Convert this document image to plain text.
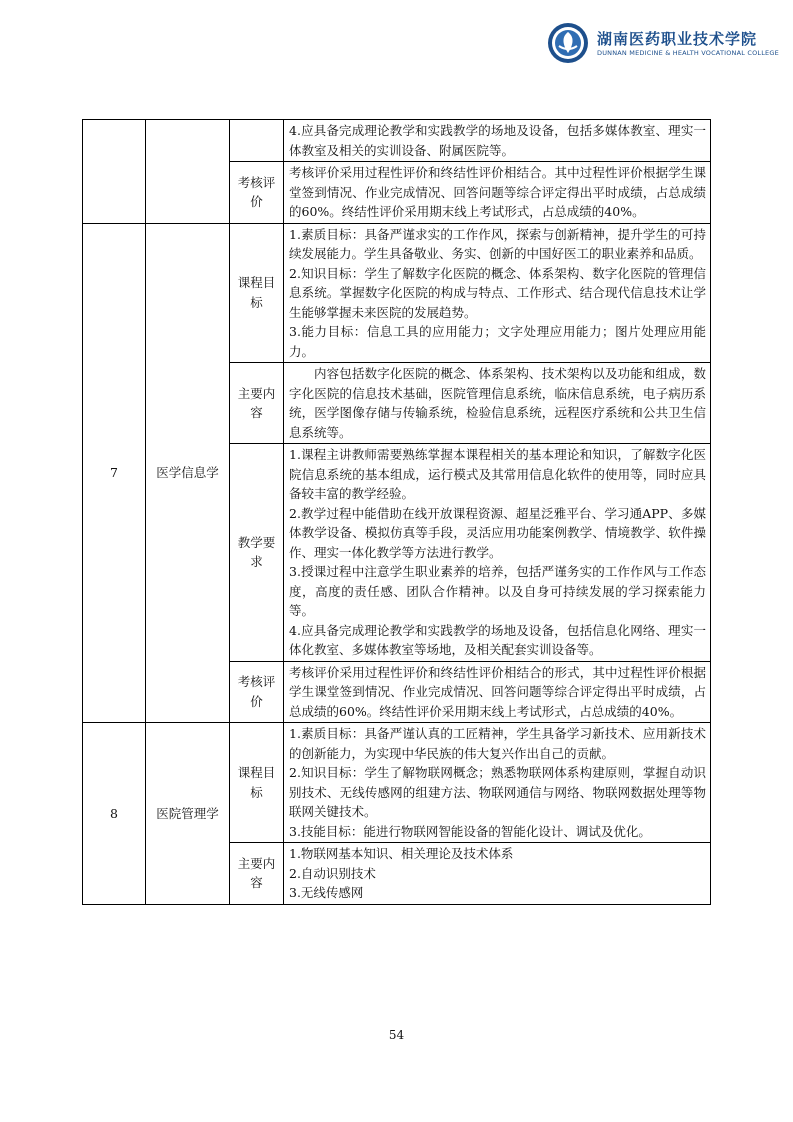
湖南医药职业技术学院
DUNNAN MEDICINE & HEALTH VOCATIONAL COLLEGE
			4.应具备完成理论教学和实践教学的场地及设备，包括多媒体教室、理实一体教室及相关的实训设备、附属医院等。
		考核评价	考核评价采用过程性评价和终结性评价相结合。其中过程性评价根据学生课堂签到情况、作业完成情况、回答问题等综合评定得出平时成绩，占总成绩的60%。终结性评价采用期末线上考试形式，占总成绩的40%。
7	医学信息学	课程目标	1.素质目标：具备严谨求实的工作作风，探索与创新精神，提升学生的可持续发展能力。学生具备敬业、务实、创新的中国好医工的职业素养和品质。
2.知识目标：学生了解数字化医院的概念、体系架构、数字化医院的管理信息系统。掌握数字化医院的构成与特点、工作形式、结合现代信息技术让学生能够掌握未来医院的发展趋势。
3.能力目标：信息工具的应用能力；文字处理应用能力；图片处理应用能力。

		主要内容	内容包括数字化医院的概念、体系架构、技术架构以及功能和组成，数字化医院的信息技术基础，医院管理信息系统，临床信息系统，电子病历系统，医学图像存储与传输系统，检验信息系统，远程医疗系统和公共卫生信息系统等。
		教学要求	1.课程主讲教师需要熟练掌握本课程相关的基本理论和知识，了解数字化医院信息系统的基本组成，运行模式及其常用信息化软件的使用等，同时应具备较丰富的教学经验。
2.教学过程中能借助在线开放课程资源、超星泛雅平台、学习通APP、多媒体教学设备、模拟仿真等手段，灵活应用功能案例教学、情境教学、软件操作、理实一体化教学等方法进行教学。
3.授课过程中注意学生职业素养的培养，包括严谨务实的工作作风与工作态度，高度的责任感、团队合作精神。以及自身可持续发展的学习探索能力等。
4.应具备完成理论教学和实践教学的场地及设备，包括信息化网络、理实一体化教室、多媒体教室等场地，及相关配套实训设备等。

		考核评价	考核评价采用过程性评价和终结性评价相结合的形式，其中过程性评价根据学生课堂签到情况、作业完成情况、回答问题等综合评定得出平时成绩，占总成绩的60%。终结性评价采用期末线上考试形式，占总成绩的40%。
8	医院管理学	课程目标	1.素质目标：具备严谨认真的工匠精神，学生具备学习新技术、应用新技术的创新能力，为实现中华民族的伟大复兴作出自己的贡献。
2.知识目标：学生了解物联网概念；熟悉物联网体系构建原则，掌握自动识别技术、无线传感网的组建方法、物联网通信与网络、物联网数据处理等物联网关键技术。
3.技能目标：能进行物联网智能设备的智能化设计、调试及优化。

		主要内容	1.物联网基本知识、相关理论及技术体系
2.自动识别技术
3.无线传感网
54
